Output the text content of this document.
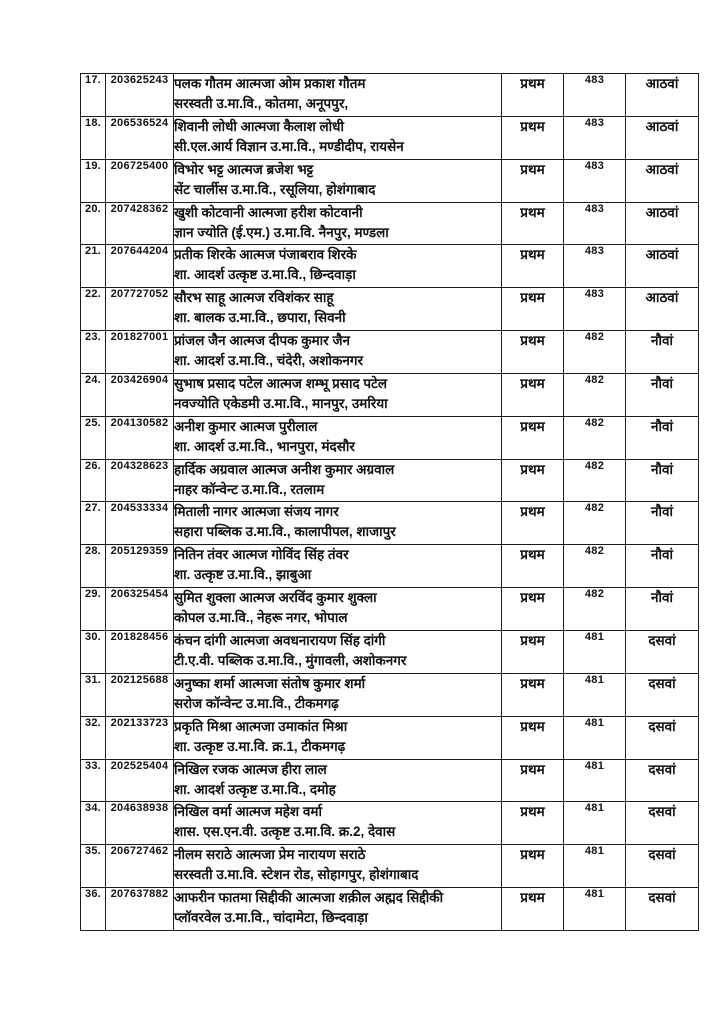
17.	203625243	पलक गौतम आत्मजा ओम प्रकाश गौतम
सरस्वती उ.मा.वि., कोतमा, अनूपपुर,	प्रथम	483	आठवां
18.	206536524	शिवानी लोधी आत्मजा कैलाश लोधी
सी.एल.आर्य विज्ञान उ.मा.वि., मण्डीदीप, रायसेन	प्रथम	483	आठवां
19.	206725400	विभोर भट्ट आत्मज ब्रजेश भट्ट
सेंट चार्लीस उ.मा.वि., रसूलिया, होशंगाबाद	प्रथम	483	आठवां
20.	207428362	खुशी कोटवानी आत्मजा हरीश कोटवानी
ज्ञान ज्योति (ई.एम.) उ.मा.वि. नैनपुर, मण्डला	प्रथम	483	आठवां
21.	207644204	प्रतीक शिरके आत्मज पंजाबराव शिरके
शा. आदर्श उत्कृष्ट उ.मा.वि., छिन्दवाड़ा	प्रथम	483	आठवां
22.	207727052	सौरभ साहू आत्मज रविशंकर साहू
शा. बालक उ.मा.वि., छपारा, सिवनी	प्रथम	483	आठवां
23.	201827001	प्रांजल जैन आत्मज दीपक कुमार जैन
शा. आदर्श उ.मा.वि., चंदेरी, अशोकनगर	प्रथम	482	नौवां
24.	203426904	सुभाष प्रसाद पटेल आत्मज शम्भू प्रसाद पटेल
नवज्योति एकेडमी उ.मा.वि., मानपुर, उमरिया	प्रथम	482	नौवां
25.	204130582	अनीश कुमार आत्मज पुरीलाल
शा. आदर्श उ.मा.वि., भानपुरा, मंदसौर	प्रथम	482	नौवां
26.	204328623	हार्दिक अग्रवाल आत्मज अनीश कुमार अग्रवाल
नाहर कॉन्वेन्ट उ.मा.वि., रतलाम	प्रथम	482	नौवां
27.	204533334	मिताली नागर आत्मजा संजय नागर
सहारा पब्लिक उ.मा.वि., कालापीपल, शाजापुर	प्रथम	482	नौवां
28.	205129359	नितिन तंवर आत्मज गोविंद सिंह तंवर
शा. उत्कृष्ट उ.मा.वि., झाबुआ	प्रथम	482	नौवां
29.	206325454	सुमित शुक्ला आत्मज अरविंद कुमार शुक्ला
कोपल उ.मा.वि., नेहरू नगर, भोपाल	प्रथम	482	नौवां
30.	201828456	कंचन दांगी आत्मजा अवधनारायण सिंह दांगी
टी.ए.वी. पब्लिक उ.मा.वि., मुंगावली, अशोकनगर	प्रथम	481	दसवां
31.	202125688	अनुष्का शर्मा आत्मजा संतोष कुमार शर्मा
सरोज कॉन्वेन्ट उ.मा.वि., टीकमगढ़	प्रथम	481	दसवां
32.	202133723	प्रकृति मिश्रा आत्मजा उमाकांत मिश्रा
शा. उत्कृष्ट उ.मा.वि. क्र.1, टीकमगढ़	प्रथम	481	दसवां
33.	202525404	निखिल रजक आत्मज हीरा लाल
शा. आदर्श उत्कृष्ट उ.मा.वि., दमोह	प्रथम	481	दसवां
34.	204638938	निखिल वर्मा आत्मज महेश वर्मा
शास. एस.एन.वी. उत्कृष्ट उ.मा.वि. क्र.2, देवास	प्रथम	481	दसवां
35.	206727462	नीलम सराठे आत्मजा प्रेम नारायण सराठे
सरस्वती उ.मा.वि. स्टेशन रोड, सोहागपुर, होशंगाबाद	प्रथम	481	दसवां
36.	207637882	आफरीन फातमा सिद्दीकी आत्मजा शक़ील अह्मद सिद्दीकी
प्लॉवरवेल उ.मा.वि., चांदामेटा, छिन्दवाड़ा	प्रथम	481	दसवां
